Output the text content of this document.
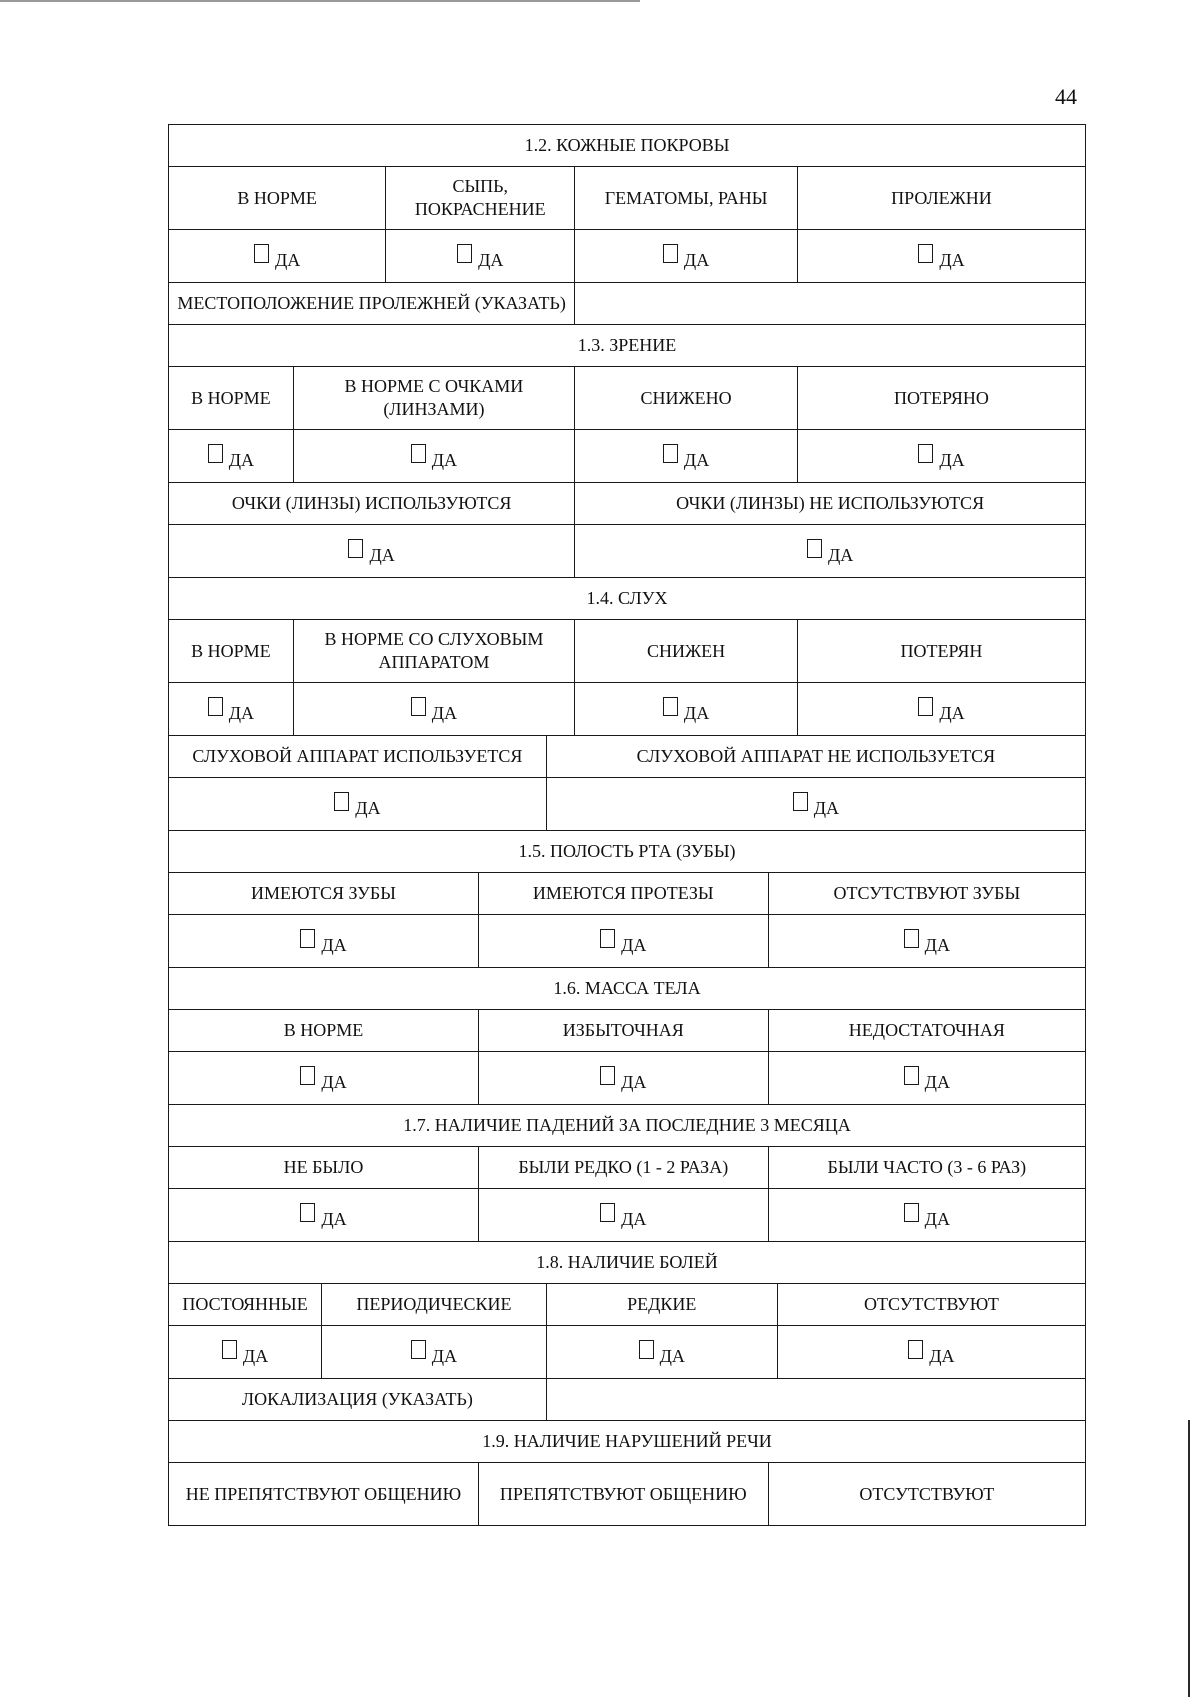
44
1.2. КОЖНЫЕ ПОКРОВЫ									
В НОРМЕ			СЫПЬ, ПОКРАСНЕНИЕ			ГЕМАТОМЫ, РАНЫ			ПРОЛЕЖНИ
ДА			ДА			ДА			ДА
МЕСТОПОЛОЖЕНИЕ ПРОЛЕЖНЕЙ (УКАЗАТЬ)									
1.3. ЗРЕНИЕ									
В НОРМЕ	В НОРМЕ С ОЧКАМИ (ЛИНЗАМИ)					СНИЖЕНО			ПОТЕРЯНО
ДА	ДА					ДА			ДА
ОЧКИ (ЛИНЗЫ) ИСПОЛЬЗУЮТСЯ						ОЧКИ (ЛИНЗЫ) НЕ ИСПОЛЬЗУЮТСЯ			
ДА						ДА			
1.4. СЛУХ									
В НОРМЕ	В НОРМЕ СО СЛУХОВЫМ АППАРАТОМ					СНИЖЕН			ПОТЕРЯН
ДА	ДА					ДА			ДА
СЛУХОВОЙ АППАРАТ ИСПОЛЬЗУЕТСЯ					СЛУХОВОЙ АППАРАТ НЕ ИСПОЛЬЗУЕТСЯ				
ДА					ДА				
1.5. ПОЛОСТЬ РТА (ЗУБЫ)									
ИМЕЮТСЯ ЗУБЫ				ИМЕЮТСЯ ПРОТЕЗЫ			ОТСУТСТВУЮТ ЗУБЫ		
ДА				ДА			ДА		
1.6. МАССА ТЕЛА									
В НОРМЕ				ИЗБЫТОЧНАЯ			НЕДОСТАТОЧНАЯ		
ДА				ДА			ДА		
1.7. НАЛИЧИЕ ПАДЕНИЙ ЗА ПОСЛЕДНИЕ 3 МЕСЯЦА									
НЕ БЫЛО				БЫЛИ РЕДКО (1 - 2 РАЗА)			БЫЛИ ЧАСТО (3 - 6 РАЗ)		
ДА				ДА			ДА		
1.8. НАЛИЧИЕ БОЛЕЙ									
ПОСТОЯННЫЕ		ПЕРИОДИЧЕСКИЕ			РЕДКИЕ			ОТСУТСТВУЮТ	
ДА		ДА			ДА			ДА	
ЛОКАЛИЗАЦИЯ (УКАЗАТЬ)									
1.9. НАЛИЧИЕ НАРУШЕНИЙ РЕЧИ									
НЕ ПРЕПЯТСТВУЮТ ОБЩЕНИЮ				ПРЕПЯТСТВУЮТ ОБЩЕНИЮ			ОТСУТСТВУЮТ		
